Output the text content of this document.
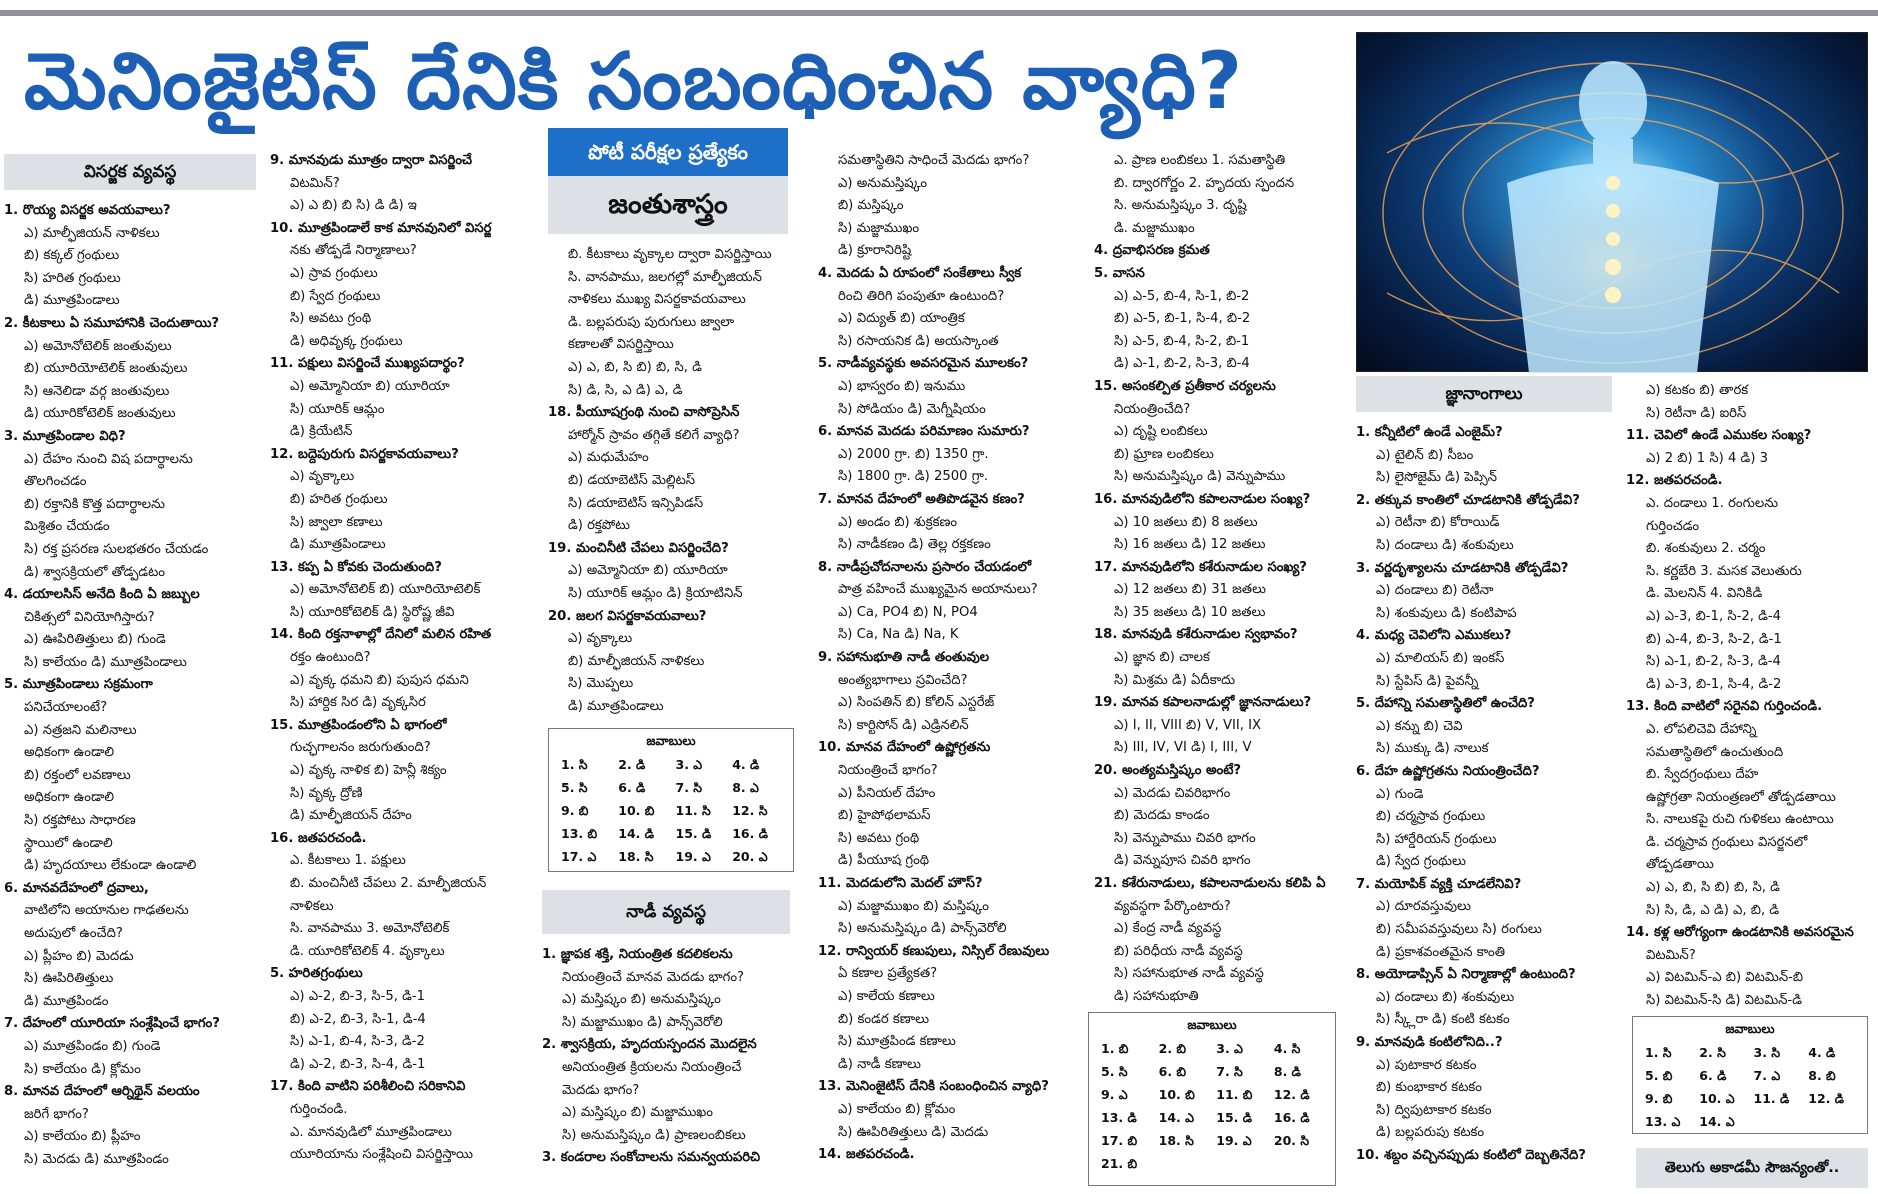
మెనింజైటిస్ దేనికి సంబంధించిన వ్యాధి?
విసర్జక వ్యవస్థ
1. రొయ్య విసర్జక అవయవాలు?
ఎ) మాల్ఫీజియన్ నాళికలు
బి) కక్కల్ గ్రంథులు
సి) హరిత గ్రంథులు
డి) మూత్రపిండాలు
2. కీటకాలు ఏ సమూహానికి చెందుతాయి?
ఎ) అమోనోటెలిక్ జంతువులు
బి) యూరియోటెలిక్ జంతువులు
సి) ఆనెలిడా వర్గ జంతువులు
డి) యూరికోటెలిక్ జంతువులు
3. మూత్రపిండాల విధి?
ఎ) దేహం నుంచి విష పదార్థాలను
తొలగించడం
బి) రక్తానికి కొత్త పదార్థాలను
మిశ్రితం చేయడం
సి) రక్త ప్రసరణ సులభతరం చేయడం
డి) శ్వాసక్రియలో తోడ్పడటం
4. డయాలసిస్ అనేది కింది ఏ జబ్బుల
చికిత్సలో వినియోగిస్తారు?
ఎ) ఊపిరితిత్తులు బి) గుండె
సి) కాలేయం డి) మూత్రపిండాలు
5. మూత్రపిండాలు సక్రమంగా
పనిచేయాలంటే?
ఎ) నత్రజని మలినాలు
అధికంగా ఉండాలి
బి) రక్తంలో లవణాలు
అధికంగా ఉండాలి
సి) రక్తపోటు సాధారణ
స్థాయిలో ఉండాలి
డి) హృదయాలు లేకుండా ఉండాలి
6. మానవదేహంలో ద్రవాలు,
వాటిలోని అయానుల గాఢతలను
అదుపులో ఉంచేది?
ఎ) ప్లీహం బి) మెదడు
సి) ఊపిరితిత్తులు
డి) మూత్రపిండం
7. దేహంలో యూరియా సంశ్లేషించే భాగం?
ఎ) మూత్రపిండం బి) గుండె
సి) కాలేయం డి) క్లోమం
8. మానవ దేహంలో ఆర్నిథైన్ వలయం
జరిగే భాగం?
ఎ) కాలేయం బి) ప్లీహం
సి) మెదడు డి) మూత్రపిండం
9. మానవుడు మూత్రం ద్వారా విసర్జించే
విటమిన్?
ఎ) ఎ బి) బి సి) డి డి) ఇ
10. మూత్రపిండాలే కాక మానవునిలో విసర్జ
నకు తోడ్పడే నిర్మాణాలు?
ఎ) స్రావ గ్రంథులు
బి) స్వేద గ్రంథులు
సి) అవటు గ్రంథి
డి) అధివృక్క గ్రంథులు
11. పక్షులు విసర్జించే ముఖ్యపదార్థం?
ఎ) అమ్మోనియా బి) యూరియా
సి) యూరిక్ ఆమ్లం
డి) క్రియేటిన్
12. బద్దెపురుగు విసర్జకావయవాలు?
ఎ) వృక్కాలు
బి) హరిత గ్రంథులు
సి) జ్వాలా కణాలు
డి) మూత్రపిండాలు
13. కప్ప ఏ కోవకు చెందుతుంది?
ఎ) అమోనోటెలిక్ బి) యూరియోటెలిక్
సి) యూరికోటెలిక్ డి) స్థిరోష్ణ జీవి
14. కింది రక్తనాళాల్లో దేనిలో మలిన రహిత
రక్తం ఉంటుంది?
ఎ) వృక్క ధమని బి) పుపుస ధమని
సి) హార్దిక సిర డి) వృక్కసిర
15. మూత్రపిండంలోని ఏ భాగంలో
గుచ్ఛగాలనం జరుగుతుంది?
ఎ) వృక్క నాళిక బి) హెన్లీ శిక్యం
సి) వృక్క ద్రోణి
డి) మాల్ఫీజియన్ దేహం
16. జతపరచండి.
ఎ. కీటకాలు 1. పక్షులు
బి. మంచినీటి చేపలు 2. మాల్ఫీజియన్
నాళికలు
సి. వానపాము 3. అమోనోటెలిక్
డి. యూరికోటెలిక్ 4. వృక్కాలు
5. హరితగ్రంథులు
ఎ) ఎ-2, బి-3, సి-5, డి-1
బి) ఎ-2, బి-3, సి-1, డి-4
సి) ఎ-1, బి-4, సి-3, డి-2
డి) ఎ-2, బి-3, సి-4, డి-1
17. కింది వాటిని పరిశీలించి సరికానివి
గుర్తించండి.
ఎ. మానవుడిలో మూత్రపిండాలు
యూరియాను సంశ్లేషించి విసర్జిస్తాయి
పోటీ పరీక్షల ప్రత్యేకం
జంతుశాస్త్రం
బి. కీటకాలు వృక్కాల ద్వారా విసర్జిస్తాయి
సి. వానపాము, జలగల్లో మాల్ఫీజియన్
నాళికలు ముఖ్య విసర్జకావయవాలు
డి. బల్లపరుపు పురుగులు జ్వాలా
కణాలతో విసర్జిస్తాయి
ఎ) ఎ, బి, సి బి) బి, సి, డి
సి) డి, సి, ఎ డి) ఎ, డి
18. పీయూషగ్రంథి నుంచి వాసోప్రెసిన్
హార్మోన్ స్రావం తగ్గితే కలిగే వ్యాధి?
ఎ) మధుమేహం
బి) డయాబెటిస్ మెల్లిటస్
సి) డయాబెటిస్ ఇన్సిపిడస్
డి) రక్తపోటు
19. మంచినీటి చేపలు విసర్జించేది?
ఎ) అమ్మోనియా బి) యూరియా
సి) యూరిక్ ఆమ్లం డి) క్రియాటినిన్
20. జలగ విసర్జకావయవాలు?
ఎ) వృక్కాలు
బి) మాల్ఫీజియన్ నాళికలు
సి) మొప్పలు
డి) మూత్రపిండాలు
జవాబులు
1. సి	2. డి	3. ఎ	4. డి
5. సి	6. డి	7. సి	8. ఎ
9. బి	10. బి	11. సి	12. సి
13. బి	14. డి	15. డి	16. డి
17. ఎ	18. సి	19. ఎ	20. ఎ
నాడీ వ్యవస్థ
1. జ్ఞాపక శక్తి, నియంత్రిత కదలికలను
నియంత్రించే మానవ మెదడు భాగం?
ఎ) మస్తిష్కం బి) అనుమస్తిష్కం
సి) మజ్జాముఖం డి) పాన్స్‌వెరోలి
2. శ్వాసక్రియ, హృదయస్పందన మొదలైన
అనియంత్రిత క్రియలను నియంత్రించే
మెదడు భాగం?
ఎ) మస్తిష్కం బి) మజ్జాముఖం
సి) అనుమస్తిష్కం డి) ప్రాణలంబికలు
3. కండరాల సంకోచాలను సమన్వయపరిచి
సమతాస్థితిని సాధించే మెదడు భాగం?
ఎ) అనుమస్తిష్కం
బి) మస్తిష్కం
సి) మజ్జాముఖం
డి) క్రూరానిరిష్టి
4. మెదడు ఏ రూపంలో సంకేతాలు స్వీక
రించి తిరిగి పంపుతూ ఉంటుంది?
ఎ) విద్యుత్ బి) యాంత్రిక
సి) రసాయనిక డి) అయస్కాంత
5. నాడీవ్యవస్థకు అవసరమైన మూలకం?
ఎ) భాస్వరం బి) ఇనుము
సి) సోడియం డి) మెగ్నీషియం
6. మానవ మెదడు పరిమాణం సుమారు?
ఎ) 2000 గ్రా. బి) 1350 గ్రా.
సి) 1800 గ్రా. డి) 2500 గ్రా.
7. మానవ దేహంలో అతిపొడవైన కణం?
ఎ) అండం బి) శుక్రకణం
సి) నాడీకణం డి) తెల్ల రక్తకణం
8. నాడీప్రచోదనాలను ప్రసారం చేయడంలో
పాత్ర వహించే ముఖ్యమైన అయానులు?
ఎ) Ca, PO4 బి) N, PO4
సి) Ca, Na డి) Na, K
9. సహానుభూతి నాడీ తంతువుల
అంత్యభాగాలు స్రవించేది?
ఎ) సింపతిన్ బి) కోలిన్ ఎస్టరేజ్
సి) కార్టిసోన్ డి) ఎడ్రినలిన్
10. మానవ దేహంలో ఉష్ణోగ్రతను
నియంత్రించే భాగం?
ఎ) పీనియల్ దేహం
బి) హైపోథలామస్
సి) అవటు గ్రంథి
డి) పీయూష గ్రంథి
11. మెదడులోని మెదల్ హౌస్?
ఎ) మజ్జాముఖం బి) మస్తిష్కం
సి) అనుమస్తిష్కం డి) పాన్స్‌వెరోలి
12. రాన్వియర్ కణుపులు, నిస్సిల్ రేణువులు
ఏ కణాల ప్రత్యేకత?
ఎ) కాలేయ కణాలు
బి) కండర కణాలు
సి) మూత్రపిండ కణాలు
డి) నాడీ కణాలు
13. మెనింజైటిస్ దేనికి సంబంధించిన వ్యాధి?
ఎ) కాలేయం బి) క్లోమం
సి) ఊపిరితిత్తులు డి) మెదడు
14. జతపరచండి.
ఎ. ప్రాణ లంబికలు 1. సమతాస్థితి
బి. ద్వారగోర్ణం 2. హృదయ స్పందన
సి. అనుమస్తిష్కం 3. దృష్టి
డి. మజ్జాముఖం
4. ద్రవాభిసరణ క్రమత
5. వాసన
ఎ) ఎ-5, బి-4, సి-1, బి-2
బి) ఎ-5, బి-1, సి-4, బి-2
సి) ఎ-5, బి-4, సి-2, బి-1
డి) ఎ-1, బి-2, సి-3, బి-4
15. అసంకల్పిత ప్రతీకార చర్యలను
నియంత్రించేది?
ఎ) దృష్టి లంబికలు
బి) ఘ్రాణ లంబికలు
సి) అనుమస్తిష్కం డి) వెన్నుపాము
16. మానవుడిలోని కపాలనాడుల సంఖ్య?
ఎ) 10 జతలు బి) 8 జతలు
సి) 16 జతలు డి) 12 జతలు
17. మానవుడిలోని కశేరునాడుల సంఖ్య?
ఎ) 12 జతలు బి) 31 జతలు
సి) 35 జతలు డి) 10 జతలు
18. మానవుడి కశేరునాడుల స్వభావం?
ఎ) జ్ఞాన బి) చాలక
సి) మిశ్రమ డి) ఏదీకాదు
19. మానవ కపాలనాడుల్లో జ్ఞాననాడులు?
ఎ) I, II, VIII బి) V, VII, IX
సి) III, IV, VI డి) I, III, V
20. అంత్యమస్తిష్కం అంటే?
ఎ) మెదడు చివరిభాగం
బి) మెదడు కాండం
సి) వెన్నుపాము చివరి భాగం
డి) వెన్నుపూస చివరి భాగం
21. కశేరునాడులు, కపాలనాడులను కలిపి ఏ
వ్యవస్థగా పేర్కొంటారు?
ఎ) కేంద్ర నాడీ వ్యవస్థ
బి) పరిధీయ నాడీ వ్యవస్థ
సి) సహానుభూత నాడీ వ్యవస్థ
డి) సహానుభూతి
జవాబులు
1. బి	2. బి	3. ఎ	4. సి
5. సి	6. బి	7. సి	8. డి
9. ఎ	10. బి	11. బి	12. డి
13. డి	14. ఎ	15. డి	16. డి
17. బి	18. సి	19. ఎ	20. సి
21. బి			
జ్ఞానాంగాలు
1. కన్నీటిలో ఉండే ఎంజైమ్?
ఎ) టైలిన్ బి) సీబం
సి) లైసోజైమ్ డి) పెప్సిన్
2. తక్కువ కాంతిలో చూడటానికి తోడ్పడేవి?
ఎ) రెటీనా బి) కోరాయిడ్
సి) దండాలు డి) శంకువులు
3. వర్ణదృశ్యాలను చూడటానికి తోడ్పడేవి?
ఎ) దండాలు బి) రెటీనా
సి) శంకువులు డి) కంటిపాప
4. మధ్య చెవిలోని ఎముకలు?
ఎ) మాలియస్ బి) ఇంకస్
సి) స్టేపిస్ డి) పైవన్నీ
5. దేహాన్ని సమతాస్థితిలో ఉంచేది?
ఎ) కన్ను బి) చెవి
సి) ముక్కు డి) నాలుక
6. దేహ ఉష్ణోగ్రతను నియంత్రించేది?
ఎ) గుండె
బి) చర్మస్రావ గ్రంథులు
సి) హార్డేరియన్ గ్రంథులు
డి) స్వేద గ్రంథులు
7. మయోపిక్ వ్యక్తి చూడలేనివి?
ఎ) దూరవస్తువులు
బి) సమీపవస్తువులు సి) రంగులు
డి) ప్రకాశవంతమైన కాంతి
8. అయోడాప్సిన్ ఏ నిర్మాణాల్లో ఉంటుంది?
ఎ) దండాలు బి) శంకువులు
సి) స్క్లీరా డి) కంటి కటకం
9. మానవుడి కంటిలోనిది..?
ఎ) పుటాకార కటకం
బి) కుంభాకార కటకం
సి) ద్విపుటాకార కటకం
డి) బల్లపరుపు కటకం
10. శబ్దం వచ్చినప్పుడు కంటిలో దెబ్బతినేది?
ఎ) కటకం బి) తారక
సి) రెటీనా డి) ఐరిస్
11. చెవిలో ఉండే ఎముకల సంఖ్య?
ఎ) 2 బి) 1 సి) 4 డి) 3
12. జతపరచండి.
ఎ. దండాలు 1. రంగులను
గుర్తించడం
బి. శంకువులు 2. చర్మం
సి. కర్ణబేరి 3. మసక వెలుతురు
డి. మెలనిన్ 4. వినికిడి
ఎ) ఎ-3, బి-1, సి-2, డి-4
బి) ఎ-4, బి-3, సి-2, డి-1
సి) ఎ-1, బి-2, సి-3, డి-4
డి) ఎ-3, బి-1, సి-4, డి-2
13. కింది వాటిలో సరైనవి గుర్తించండి.
ఎ. లోపలిచెవి దేహాన్ని
సమతాస్థితిలో ఉంచుతుంది
బి. స్వేదగ్రంథులు దేహ
ఉష్ణోగ్రతా నియంత్రణలో తోడ్పడతాయి
సి. నాలుకపై రుచి గుళికలు ఉంటాయి
డి. చర్మస్రావ గ్రంథులు విసర్జనలో
తోడ్పడతాయి
ఎ) ఎ, బి, సి బి) బి, సి, డి
సి) సి, డి, ఎ డి) ఎ, బి, డి
14. కళ్ల ఆరోగ్యంగా ఉండటానికి అవసరమైన
విటమిన్?
ఎ) విటమిన్-ఎ బి) విటమిన్-బి
సి) విటమిన్-సి డి) విటమిన్-డి
జవాబులు
1. సి	2. సి	3. సి	4. డి
5. బి	6. డి	7. ఎ	8. బి
9. బి	10. ఎ	11. డి	12. డి
13. ఎ	14. ఎ		
తెలుగు అకాడమీ సౌజన్యంతో..
